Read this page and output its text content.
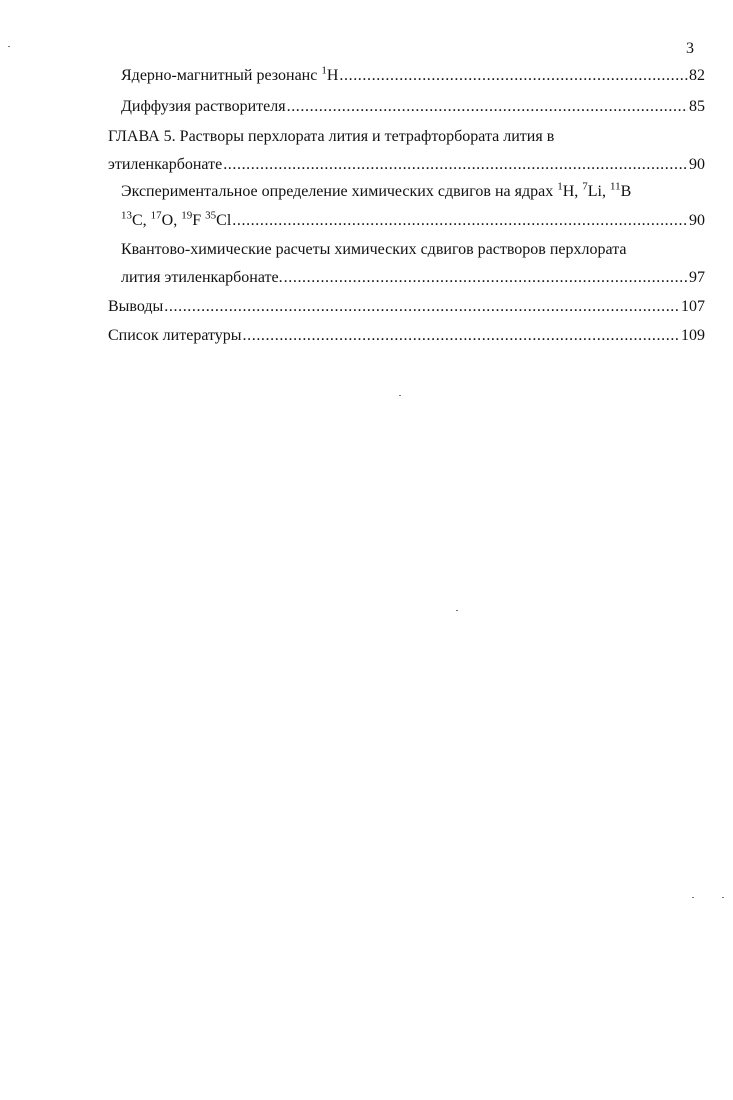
3
Ядерно-магнитный резонанс $^1$H .....	82
Диффузия растворителя .....	85
ГЛАВА 5. Растворы перхлората лития и тетрафторбората лития в
этиленкарбонате .....	90
Экспериментальное определение химических сдвигов на ядрах $^1$H, $^7$Li, $^{11}$B
$^{13}$C, $^{17}$O, $^{19}$F $^{35}$Cl .....	90
Квантово-химические расчеты химических сдвигов растворов перхлората
лития этиленкарбонате. .....	97
Выводы .....	107
Список литературы .....	109
